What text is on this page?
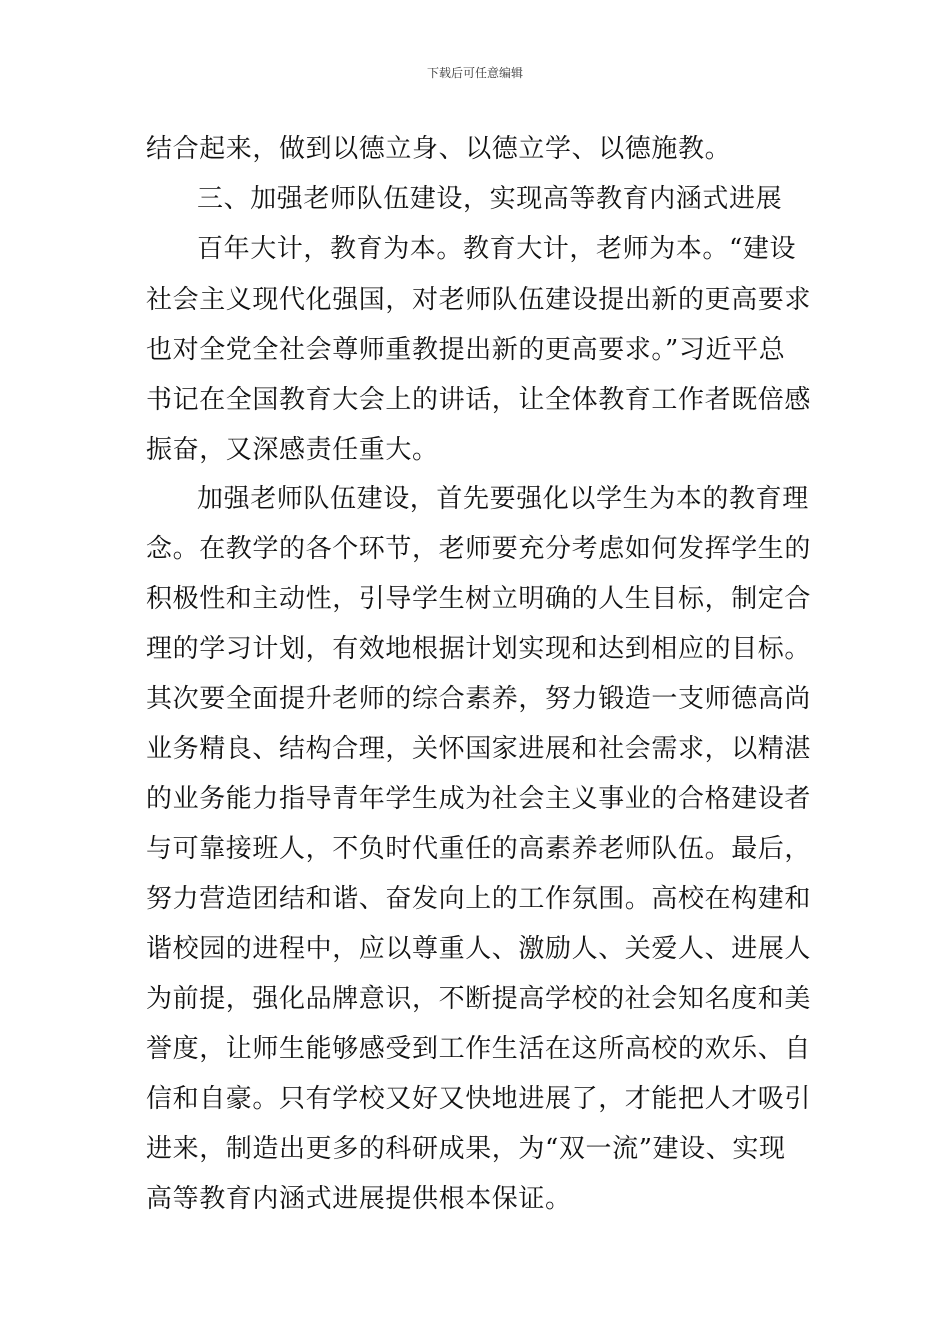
下载后可任意编辑
结合起来，做到以德立身、以德立学、以德施教。
三、加强老师队伍建设，实现高等教育内涵式进展
百年大计，教育为本。教育大计，老师为本。“建设
社会主义现代化强国，对老师队伍建设提出新的更高要求
也对全党全社会尊师重教提出新的更高要求。”习近平总
书记在全国教育大会上的讲话，让全体教育工作者既倍感
振奋，又深感责任重大。
加强老师队伍建设，首先要强化以学生为本的教育理
念。在教学的各个环节，老师要充分考虑如何发挥学生的
积极性和主动性，引导学生树立明确的人生目标，制定合
理的学习计划，有效地根据计划实现和达到相应的目标。
其次要全面提升老师的综合素养，努力锻造一支师德高尚
业务精良、结构合理，关怀国家进展和社会需求，以精湛
的业务能力指导青年学生成为社会主义事业的合格建设者
与可靠接班人，不负时代重任的高素养老师队伍。最后，
努力营造团结和谐、奋发向上的工作氛围。高校在构建和
谐校园的进程中，应以尊重人、激励人、关爱人、进展人
为前提，强化品牌意识，不断提高学校的社会知名度和美
誉度，让师生能够感受到工作生活在这所高校的欢乐、自
信和自豪。只有学校又好又快地进展了，才能把人才吸引
进来，制造出更多的科研成果，为“双一流”建设、实现
高等教育内涵式进展提供根本保证。
